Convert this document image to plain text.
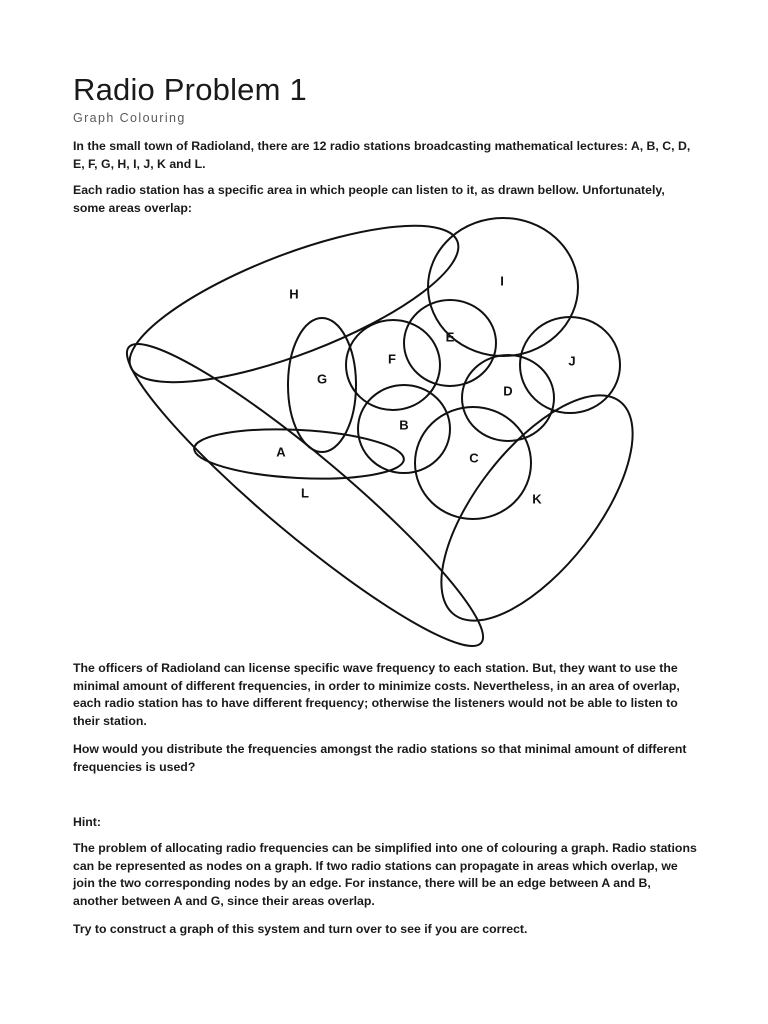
Radio Problem 1
Graph Colouring

In the small town of Radioland, there are 12 radio stations broadcasting mathematical lectures: A, B, C, D, E, F, G, H, I, J, K and L.

Each radio station has a specific area in which people can listen to it, as drawn bellow. Unfortunately, some areas overlap:

H
I
E
F	J
G
D
B
A	C
L	K

The officers of Radioland can license specific wave frequency to each station. But, they want to use the minimal amount of different frequencies, in order to minimize costs. Nevertheless, in an area of overlap, each radio station has to have different frequency; otherwise the listeners would not be able to listen to their station.

How would you distribute the frequencies amongst the radio stations so that minimal amount of different frequencies is used?

Hint:

The problem of allocating radio frequencies can be simplified into one of colouring a graph. Radio stations can be represented as nodes on a graph. If two radio stations can propagate in areas which overlap, we join the two corresponding nodes by an edge. For instance, there will be an edge between A and B, another between A and G, since their areas overlap.

Try to construct a graph of this system and turn over to see if you are correct.
